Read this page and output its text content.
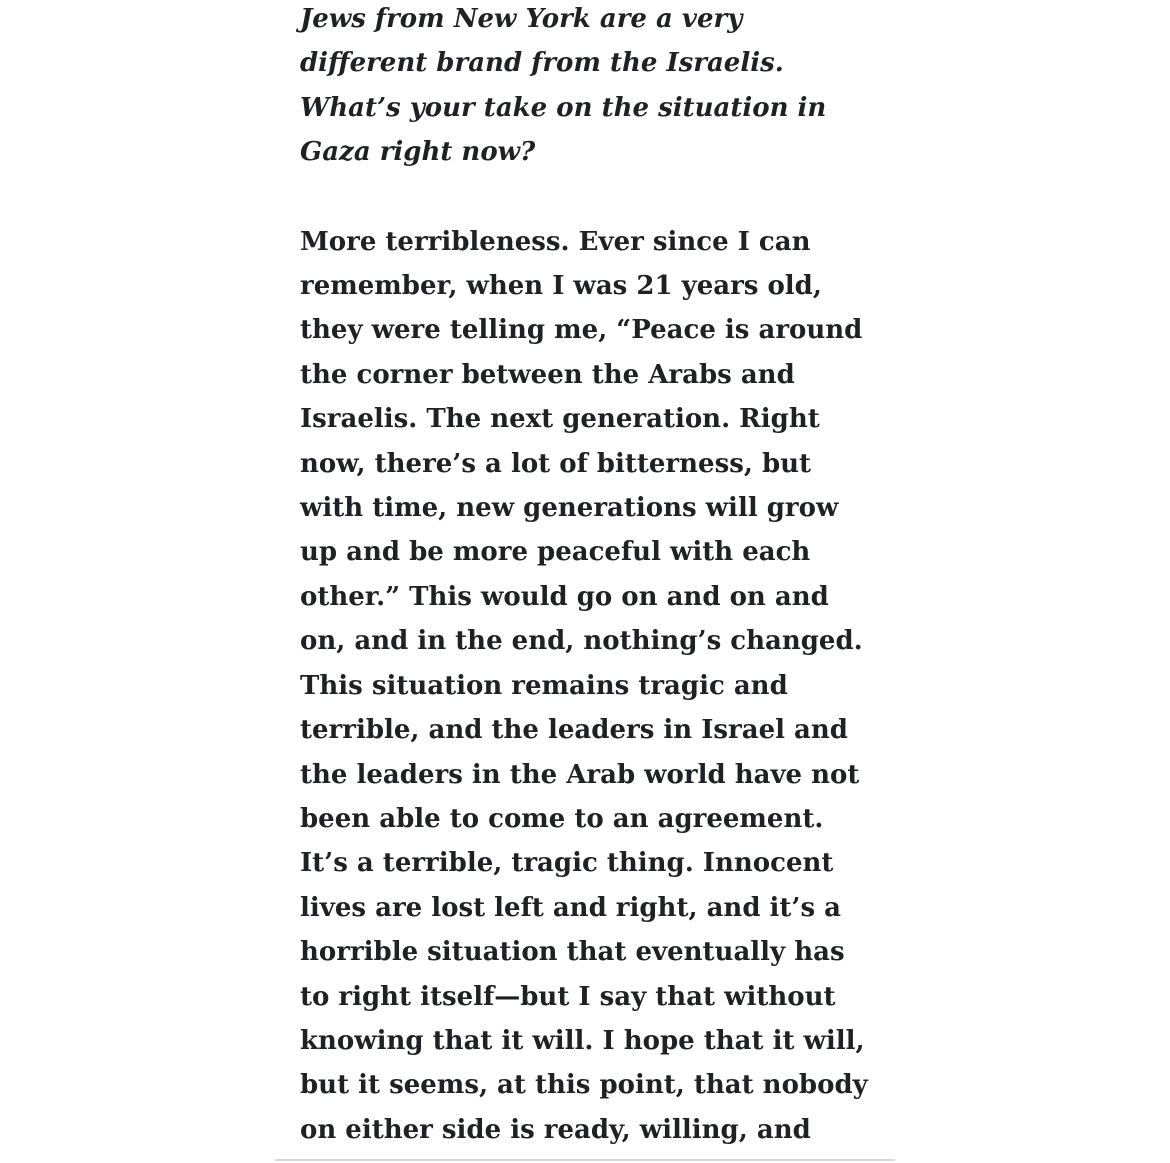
Jews from New York are a very
different brand from the Israelis.
What’s your take on the situation in
Gaza right now?

More terribleness. Ever since I can
remember, when I was 21 years old,
they were telling me, “Peace is around
the corner between the Arabs and
Israelis. The next generation. Right
now, there’s a lot of bitterness, but
with time, new generations will grow
up and be more peaceful with each
other.” This would go on and on and
on, and in the end, nothing’s changed.
This situation remains tragic and
terrible, and the leaders in Israel and
the leaders in the Arab world have not
been able to come to an agreement.
It’s a terrible, tragic thing. Innocent
lives are lost left and right, and it’s a
horrible situation that eventually has
to right itself—but I say that without
knowing that it will. I hope that it will,
but it seems, at this point, that nobody
on either side is ready, willing, and
